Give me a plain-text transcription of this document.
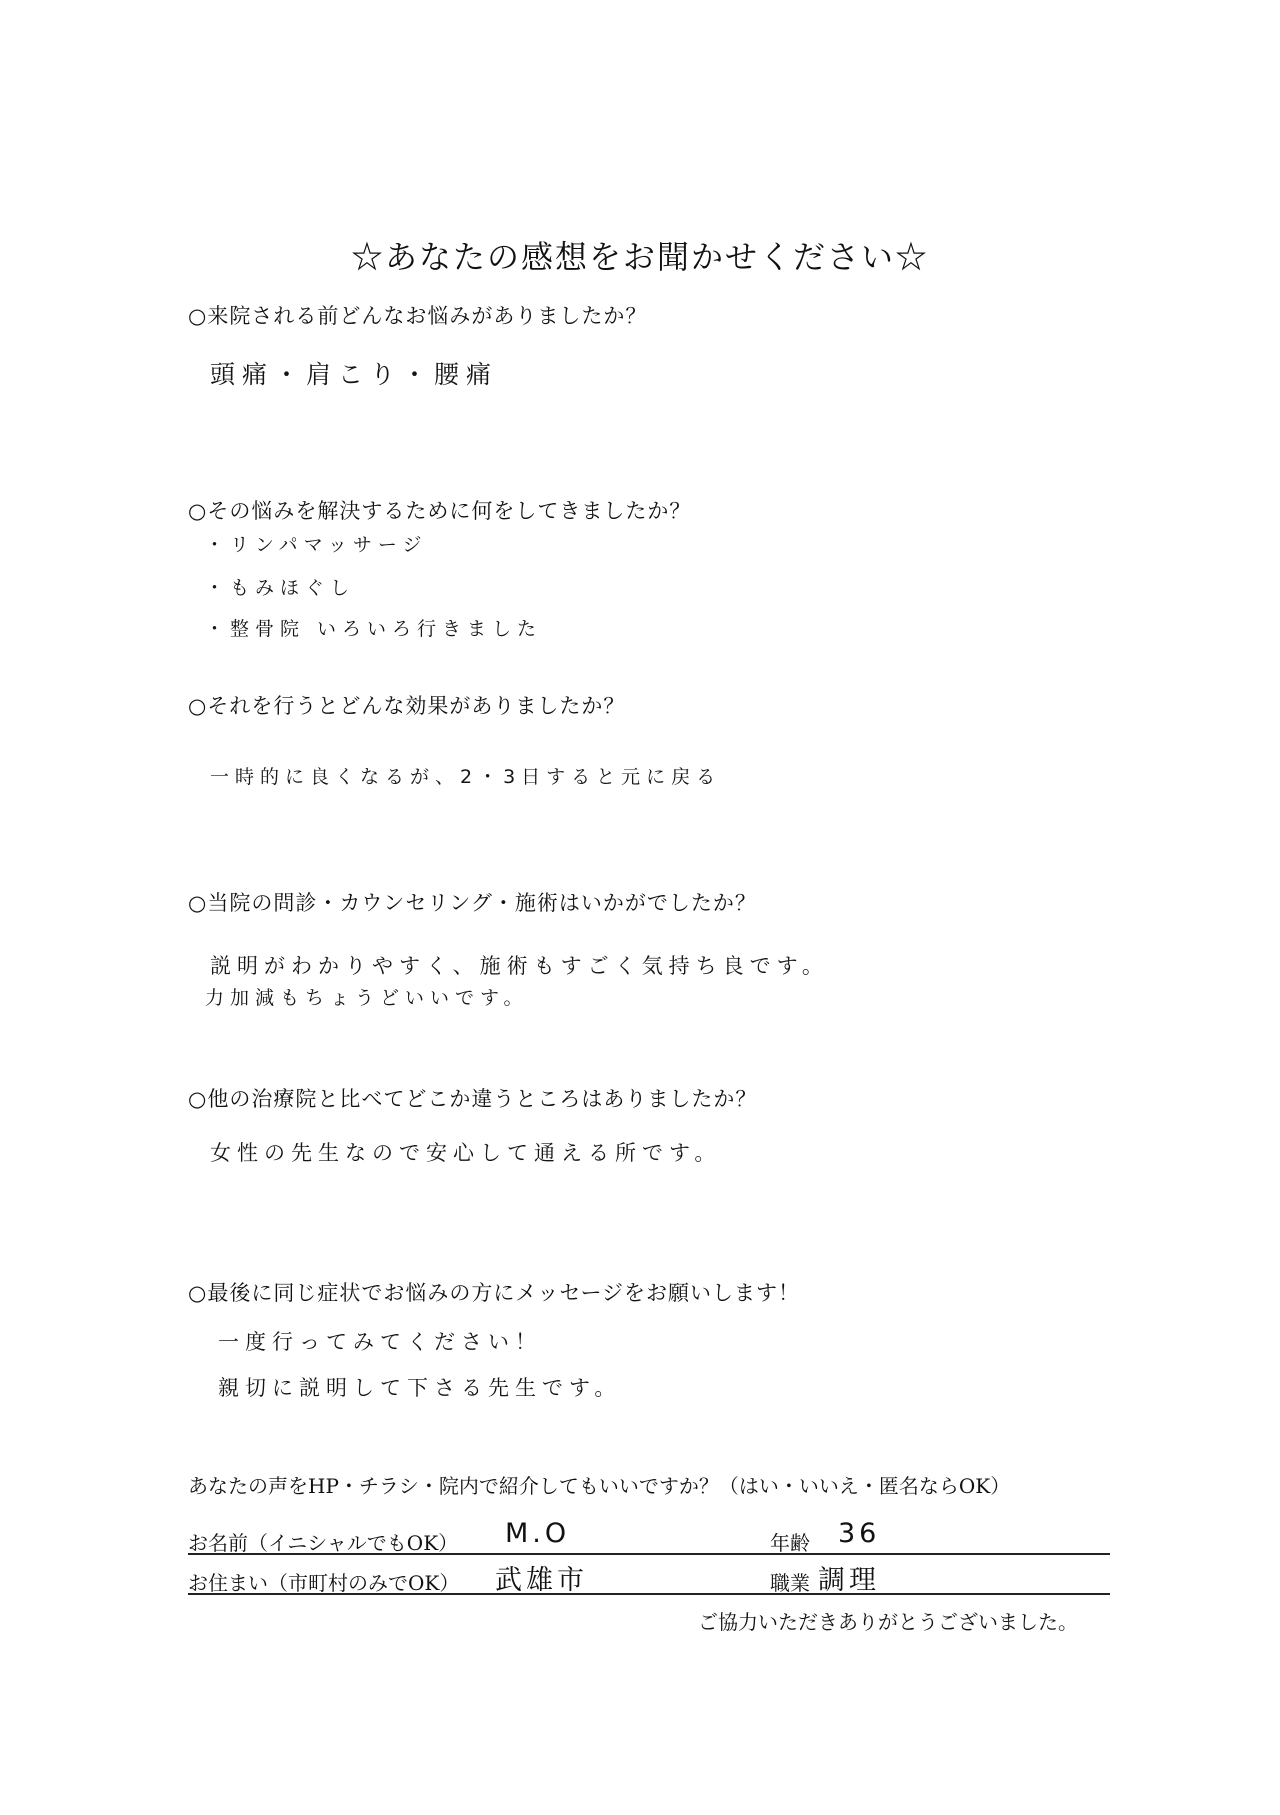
☆あなたの感想をお聞かせください☆
○来院される前どんなお悩みがありましたか？
頭痛・肩こり・腰痛
○その悩みを解決するために何をしてきましたか？
・リンパマッサージ
・もみほぐし
・整骨院 いろいろ行きました
○それを行うとどんな効果がありましたか？
一時的に良くなるが、2・3日すると元に戻る
○当院の問診・カウンセリング・施術はいかがでしたか？
説明がわかりやすく、施術もすごく気持ち良です。
力加減もちょうどいいです。
○他の治療院と比べてどこか違うところはありましたか？
女性の先生なので安心して通える所です。
○最後に同じ症状でお悩みの方にメッセージをお願いします！
一度行ってみてください！
親切に説明して下さる先生です。
あなたの声をHP・チラシ・院内で紹介してもいいですか？（はい・いいえ・匿名ならOK）
お名前（イニシャルでもOK） M.O	年齢 36
お住まい（市町村のみでOK） 武雄市	職業 調理
ご協力いただきありがとうございました。
